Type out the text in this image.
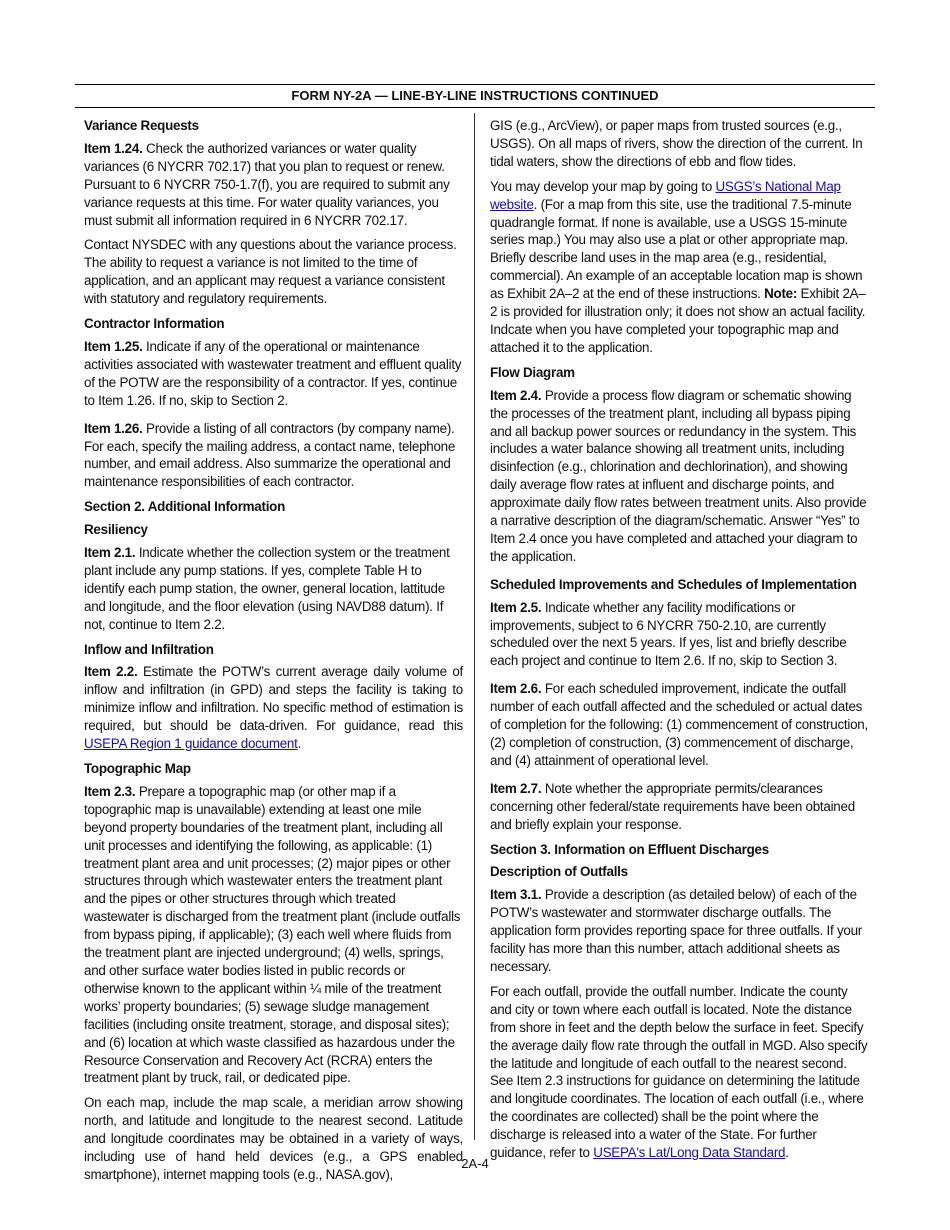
FORM NY-2A — LINE-BY-LINE INSTRUCTIONS CONTINUED
Variance Requests

Item 1.24. Check the authorized variances or water quality variances (6 NYCRR 702.17) that you plan to request or renew. Pursuant to 6 NYCRR 750-1.7(f), you are required to submit any variance requests at this time. For water quality variances, you must submit all information required in 6 NYCRR 702.17.

Contact NYSDEC with any questions about the variance process. The ability to request a variance is not limited to the time of application, and an applicant may request a variance consistent with statutory and regulatory requirements.

Contractor Information

Item 1.25. Indicate if any of the operational or maintenance activities associated with wastewater treatment and effluent quality of the POTW are the responsibility of a contractor. If yes, continue to Item 1.26. If no, skip to Section 2.

Item 1.26. Provide a listing of all contractors (by company name). For each, specify the mailing address, a contact name, telephone number, and email address. Also summarize the operational and maintenance responsibilities of each contractor.

Section 2. Additional Information
Resiliency

Item 2.1. Indicate whether the collection system or the treatment plant include any pump stations. If yes, complete Table H to identify each pump station, the owner, general location, lattitude and longitude, and the floor elevation (using NAVD88 datum). If not, continue to Item 2.2.

Inflow and Infiltration

Item 2.2. Estimate the POTW’s current average daily volume of inflow and infiltration (in GPD) and steps the facility is taking to minimize inflow and infiltration. No specific method of estimation is required, but should be data-driven. For guidance, read this USEPA Region 1 guidance document.

Topographic Map

Item 2.3. Prepare a topographic map (or other map if a topographic map is unavailable) extending at least one mile beyond property boundaries of the treatment plant, including all unit processes and identifying the following, as applicable: (1) treatment plant area and unit processes; (2) major pipes or other structures through which wastewater enters the treatment plant and the pipes or other structures through which treated wastewater is discharged from the treatment plant (include outfalls from bypass piping, if applicable); (3) each well where fluids from the treatment plant are injected underground; (4) wells, springs, and other surface water bodies listed in public records or otherwise known to the applicant within ¼ mile of the treatment works’ property boundaries; (5) sewage sludge management facilities (including onsite treatment, storage, and disposal sites); and (6) location at which waste classified as hazardous under the Resource Conservation and Recovery Act (RCRA) enters the treatment plant by truck, rail, or dedicated pipe.

On each map, include the map scale, a meridian arrow showing north, and latitude and longitude to the nearest second. Latitude and longitude coordinates may be obtained in a variety of ways, including use of hand held devices (e.g., a GPS enabled smartphone), internet mapping tools (e.g., NASA.gov),

GIS (e.g., ArcView), or paper maps from trusted sources (e.g., USGS). On all maps of rivers, show the direction of the current. In tidal waters, show the directions of ebb and flow tides.

You may develop your map by going to USGS’s National Map website. (For a map from this site, use the traditional 7.5-minute quadrangle format. If none is available, use a USGS 15-minute series map.) You may also use a plat or other appropriate map. Briefly describe land uses in the map area (e.g., residential, commercial). An example of an acceptable location map is shown as Exhibit 2A–2 at the end of these instructions. Note: Exhibit 2A–2 is provided for illustration only; it does not show an actual facility. Indcate when you have completed your topographic map and attached it to the application.

Flow Diagram

Item 2.4. Provide a process flow diagram or schematic showing the processes of the treatment plant, including all bypass piping and all backup power sources or redundancy in the system. This includes a water balance showing all treatment units, including disinfection (e.g., chlorination and dechlorination), and showing daily average flow rates at influent and discharge points, and approximate daily flow rates between treatment units. Also provide a narrative description of the diagram/schematic. Answer “Yes” to Item 2.4 once you have completed and attached your diagram to the application.

Scheduled Improvements and Schedules of Implementation

Item 2.5. Indicate whether any facility modifications or improvements, subject to 6 NYCRR 750-2.10, are currently scheduled over the next 5 years. If yes, list and briefly describe each project and continue to Item 2.6. If no, skip to Section 3.

Item 2.6. For each scheduled improvement, indicate the outfall number of each outfall affected and the scheduled or actual dates of completion for the following: (1) commencement of construction, (2) completion of construction, (3) commencement of discharge, and (4) attainment of operational level.

Item 2.7. Note whether the appropriate permits/clearances concerning other federal/state requirements have been obtained and briefly explain your response.

Section 3. Information on Effluent Discharges
Description of Outfalls

Item 3.1. Provide a description (as detailed below) of each of the POTW’s wastewater and stormwater discharge outfalls. The application form provides reporting space for three outfalls. If your facility has more than this number, attach additional sheets as necessary.

For each outfall, provide the outfall number. Indicate the county and city or town where each outfall is located. Note the distance from shore in feet and the depth below the surface in feet. Specify the average daily flow rate through the outfall in MGD. Also specify the latitude and longitude of each outfall to the nearest second. See Item 2.3 instructions for guidance on determining the latitude and longitude coordinates. The location of each outfall (i.e., where the coordinates are collected) shall be the point where the discharge is released into a water of the State. For further guidance, refer to USEPA's Lat/Long Data Standard.

2A-4
